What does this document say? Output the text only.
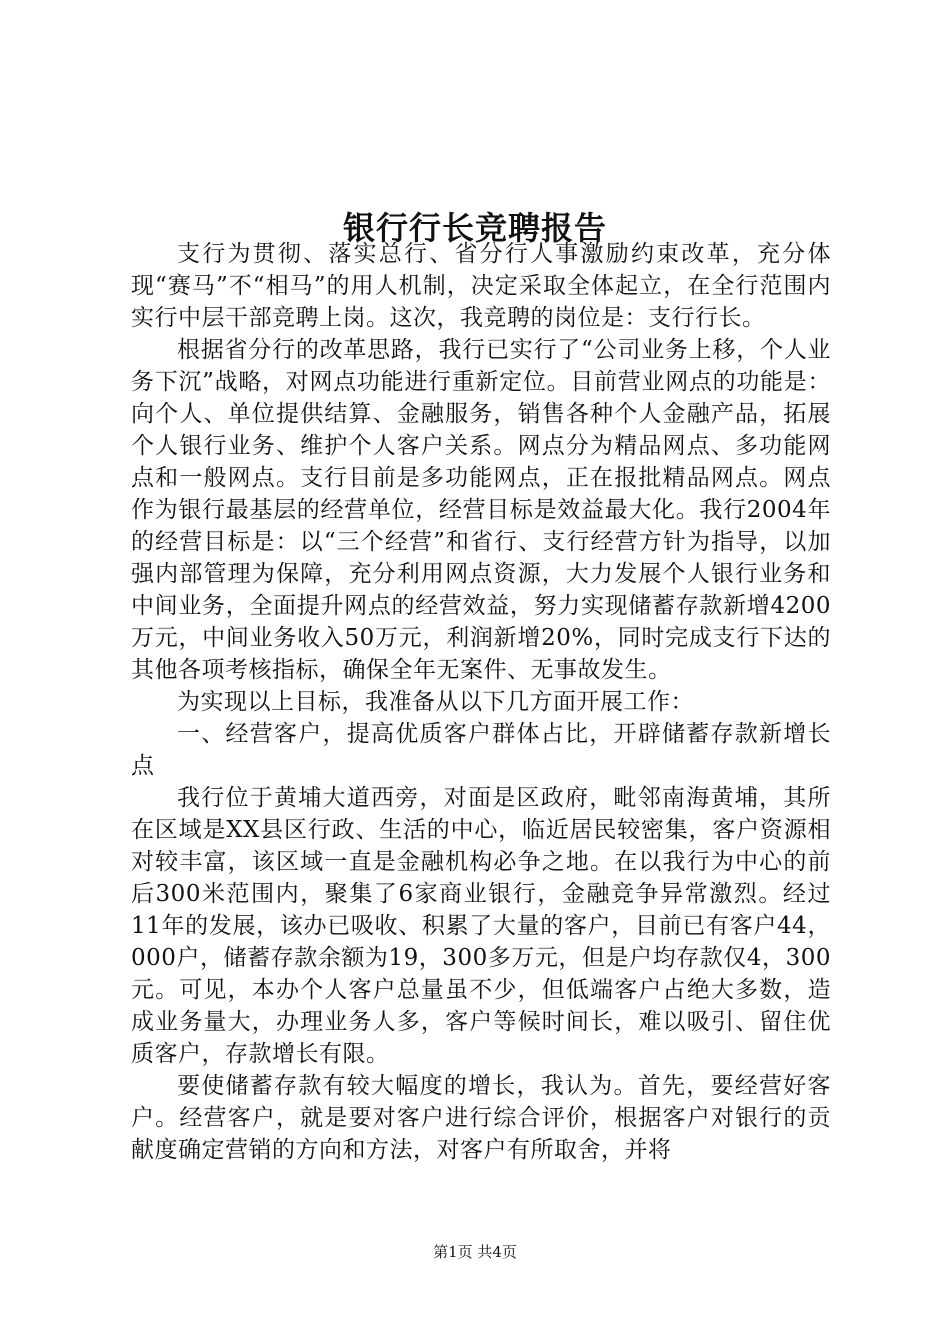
银行行长竞聘报告

支行为贯彻、落实总行、省分行人事激励约束改革，充分体现“赛马”不“相马”的用人机制，决定采取全体起立，在全行范围内实行中层干部竞聘上岗。这次，我竞聘的岗位是：支行行长。

根据省分行的改革思路，我行已实行了“公司业务上移，个人业务下沉”战略，对网点功能进行重新定位。目前营业网点的功能是：向个人、单位提供结算、金融服务，销售各种个人金融产品，拓展个人银行业务、维护个人客户关系。网点分为精品网点、多功能网点和一般网点。支行目前是多功能网点，正在报批精品网点。网点作为银行最基层的经营单位，经营目标是效益最大化。我行2004年的经营目标是：以“三个经营”和省行、支行经营方针为指导，以加强内部管理为保障，充分利用网点资源，大力发展个人银行业务和中间业务，全面提升网点的经营效益，努力实现储蓄存款新增4200万元，中间业务收入50万元，利润新增20%，同时完成支行下达的其他各项考核指标，确保全年无案件、无事故发生。

为实现以上目标，我准备从以下几方面开展工作：

一、经营客户，提高优质客户群体占比，开辟储蓄存款新增长点

我行位于黄埔大道西旁，对面是区政府，毗邻南海黄埔，其所在区域是XX县区行政、生活的中心，临近居民较密集，客户资源相对较丰富，该区域一直是金融机构必争之地。在以我行为中心的前后300米范围内，聚集了6家商业银行，金融竞争异常激烈。经过11年的发展，该办已吸收、积累了大量的客户，目前已有客户44，000户，储蓄存款余额为19，300多万元，但是户均存款仅4，300元。可见，本办个人客户总量虽不少，但低端客户占绝大多数，造成业务量大，办理业务人多，客户等候时间长，难以吸引、留住优质客户，存款增长有限。

要使储蓄存款有较大幅度的增长，我认为。首先，要经营好客户。经营客户，就是要对客户进行综合评价，根据客户对银行的贡献度确定营销的方向和方法，对客户有所取舍，并将

第1页 共4页
